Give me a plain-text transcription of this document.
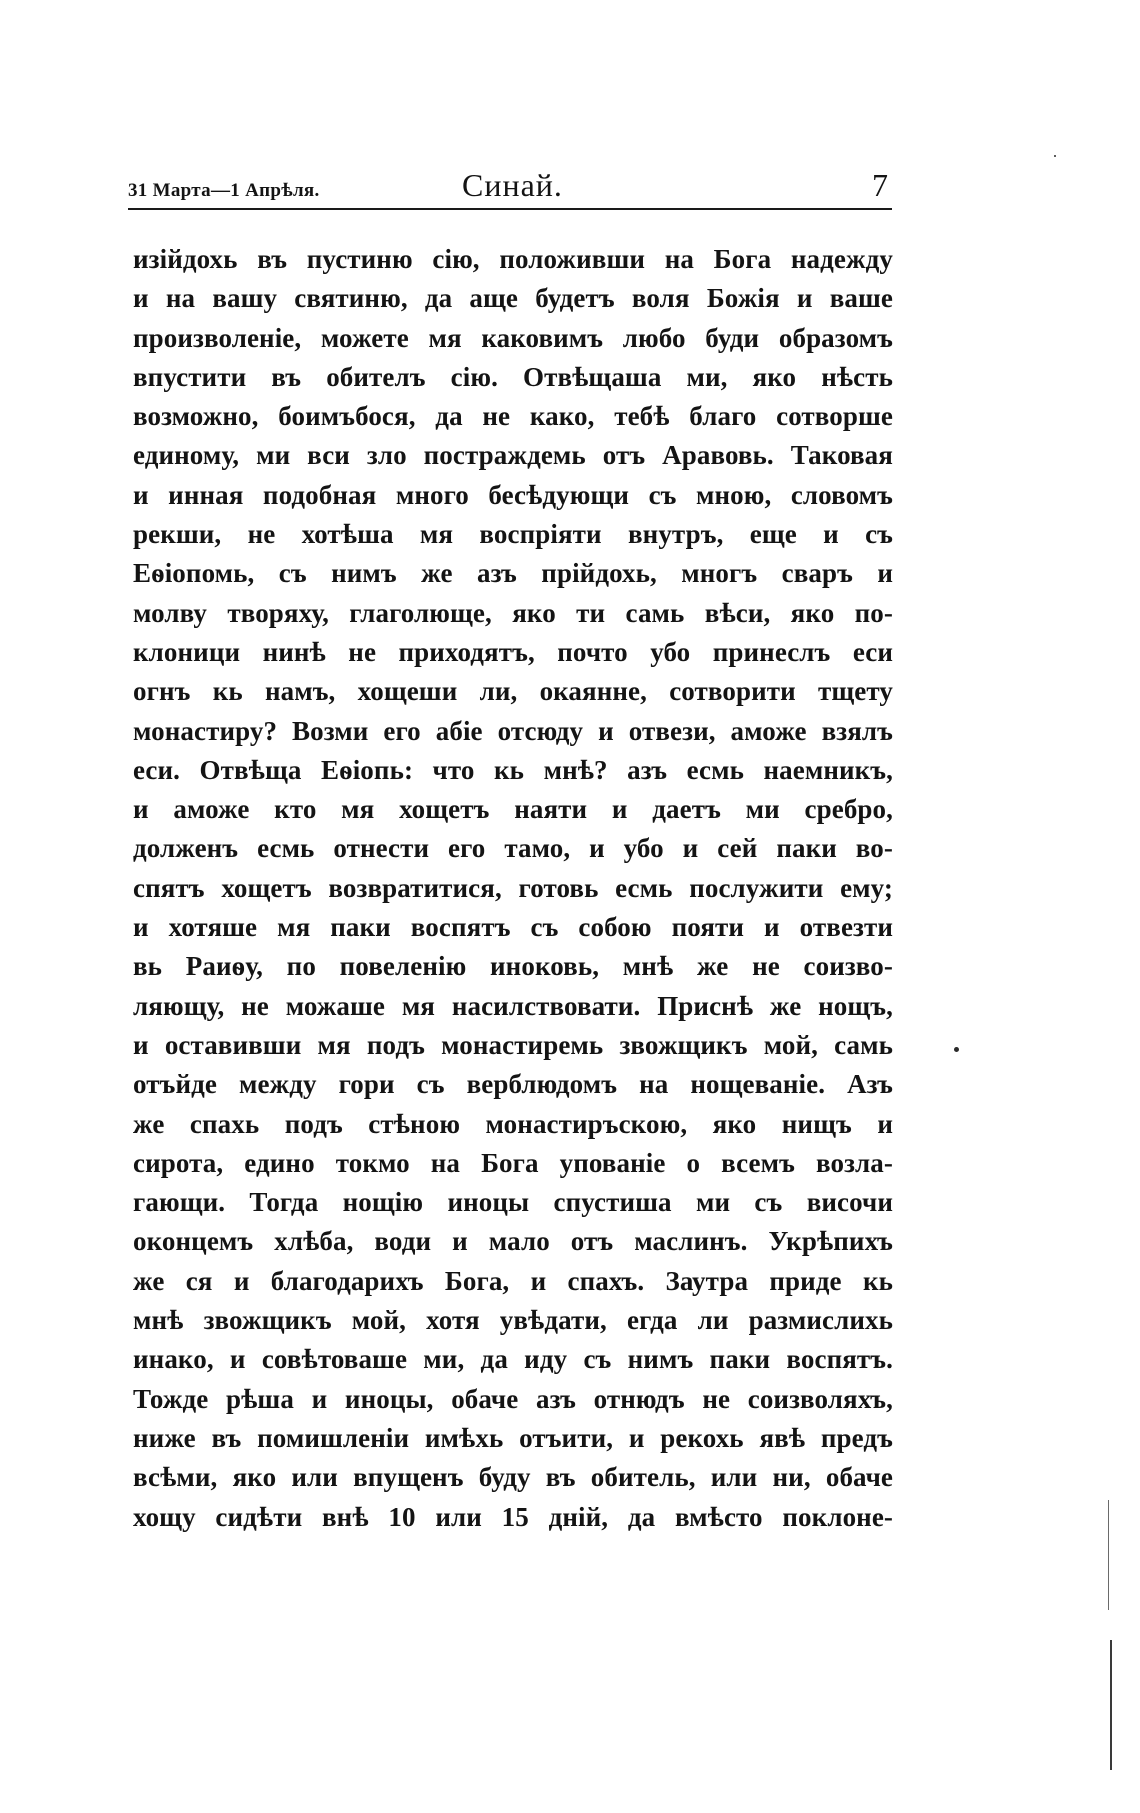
31 Марта—1 Апрѣля.	Синай.	7
изійдохь въ пустиню сію, положивши на Бога надежду
и на вашу святиню, да аще будетъ воля Божія и ваше
произволеніе, можете мя каковимъ любо буди образомъ
впустити въ обителъ сію. Отвѣщаша ми, яко нѣсть
возможно, боимъбося, да не како, тебѣ благо сотворше
единому, ми вси зло постраждемь отъ Аравовь. Таковая
и инная подобная много бесѣдующи съ мною, словомъ
рекши, не хотѣша мя воспріяти внутръ, еще и съ
Еѳіопомь, съ нимъ же азъ прійдохь, многъ сваръ и
молву творяху, глаголюще, яко ти самь вѣси, яко по-
клоници нинѣ не приходятъ, почто убо принеслъ еси
огнъ кь намъ, хощеши ли, окаянне, сотворити тщету
монастиру? Возми его абіе отсюду и отвези, аможе взялъ
еси. Отвѣща Еѳіопь: что кь мнѣ? азъ есмь наемникъ,
и аможе кто мя хощетъ наяти и даетъ ми сребро,
долженъ есмь отнести его тамо, и убо и сей паки во-
спятъ хощетъ возвратитися, готовь есмь послужити ему;
и хотяше мя паки воспятъ съ собою пояти и отвезти
вь Раиѳу, по повеленію иноковь, мнѣ же не соизво-
ляющу, не можаше мя насилствовати. Приснѣ же нощъ,
и оставивши мя подъ монастиремь звожщикъ мой, самь
отъйде между гори съ верблюдомъ на нощеваніе. Азъ
же спахь подъ стѣною монастиръскою, яко нищъ и
сирота, едино токмо на Бога упованіе о всемъ возла-
гающи. Тогда нощію иноцы спустиша ми съ височи
оконцемъ хлѣба, води и мало отъ маслинъ. Укрѣпихъ
же ся и благодарихъ Бога, и спахъ. Заутра приде кь
мнѣ звожщикъ мой, хотя увѣдати, егда ли размислихь
инако, и совѣтоваше ми, да иду съ нимъ паки воспятъ.
Тожде рѣша и иноцы, обаче азъ отнюдъ не соизволяхъ,
ниже въ помишленіи имѣхь отъити, и рекохь явѣ предъ
всѣми, яко или впущенъ буду въ обитель, или ни, обаче
хощу сидѣти внѣ 10 или 15 дній, да вмѣсто поклоне-
